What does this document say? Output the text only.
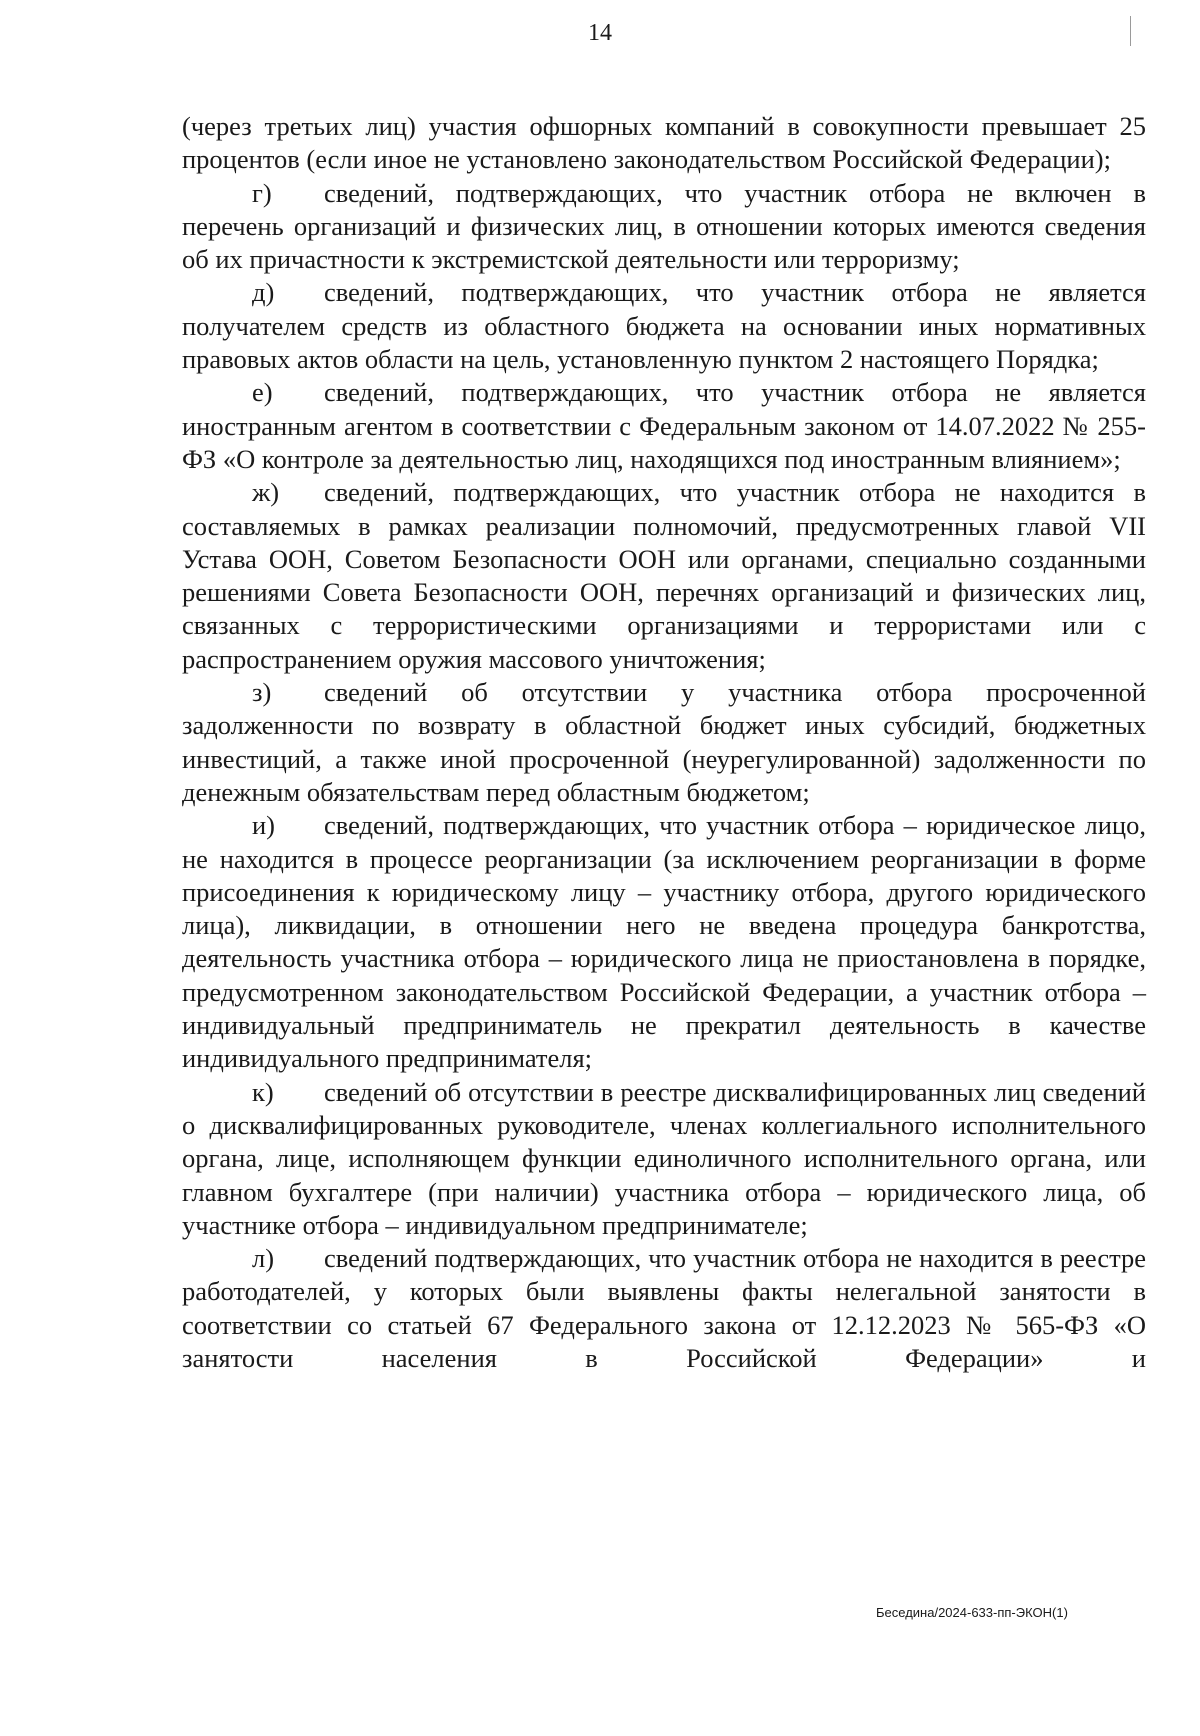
14

(через третьих лиц) участия офшорных компаний в совокупности превышает 25 процентов (если иное не установлено законодательством Российской Федерации);

г) сведений, подтверждающих, что участник отбора не включен в перечень организаций и физических лиц, в отношении которых имеются сведения об их причастности к экстремистской деятельности или терроризму;

д) сведений, подтверждающих, что участник отбора не является получателем средств из областного бюджета на основании иных нормативных правовых актов области на цель, установленную пунктом 2 настоящего Порядка;

е) сведений, подтверждающих, что участник отбора не является иностранным агентом в соответствии с Федеральным законом от 14.07.2022 № 255-ФЗ «О контроле за деятельностью лиц, находящихся под иностранным влиянием»;

ж) сведений, подтверждающих, что участник отбора не находится в составляемых в рамках реализации полномочий, предусмотренных главой VII Устава ООН, Советом Безопасности ООН или органами, специально созданными решениями Совета Безопасности ООН, перечнях организаций и физических лиц, связанных с террористическими организациями и террористами или с распространением оружия массового уничтожения;

з) сведений об отсутствии у участника отбора просроченной задолженности по возврату в областной бюджет иных субсидий, бюджетных инвестиций, а также иной просроченной (неурегулированной) задолженности по денежным обязательствам перед областным бюджетом;

и) сведений, подтверждающих, что участник отбора – юридическое лицо, не находится в процессе реорганизации (за исключением реорганизации в форме присоединения к юридическому лицу – участнику отбора, другого юридического лица), ликвидации, в отношении него не введена процедура банкротства, деятельность участника отбора – юридического лица не приостановлена в порядке, предусмотренном законодательством Российской Федерации, а участник отбора – индивидуальный предприниматель не прекратил деятельность в качестве индивидуального предпринимателя;

к) сведений об отсутствии в реестре дисквалифицированных лиц сведений о дисквалифицированных руководителе, членах коллегиального исполнительного органа, лице, исполняющем функции единоличного исполнительного органа, или главном бухгалтере (при наличии) участника отбора – юридического лица, об участнике отбора – индивидуальном предпринимателе;

л) сведений подтверждающих, что участник отбора не находится в реестре работодателей, у которых были выявлены факты нелегальной занятости в соответствии со статьей 67 Федерального закона от 12.12.2023 № 565-ФЗ «О занятости населения в Российской Федерации» и

Беседина/2024-633-пп-ЭКОН(1)
